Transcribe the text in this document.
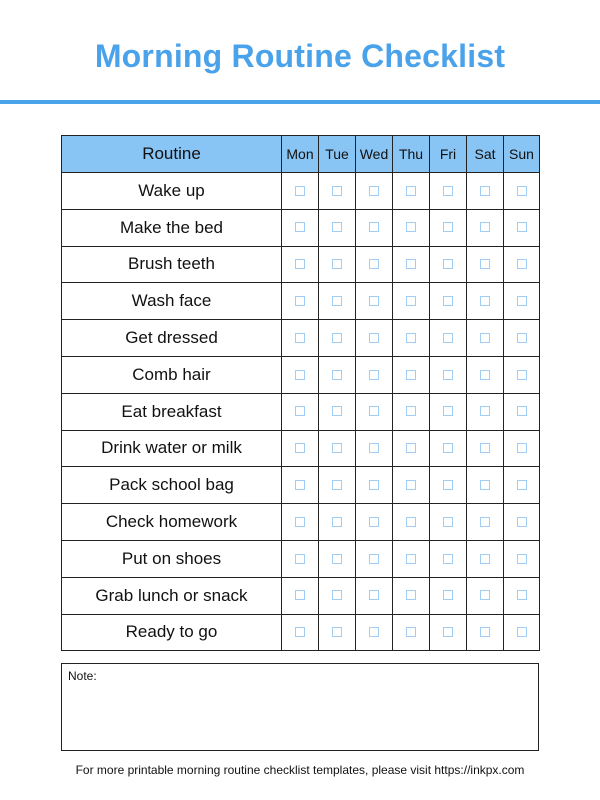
Morning Routine Checklist
Routine	Mon	Tue	Wed	Thu	Fri	Sat	Sun
Wake up							
Make the bed							
Brush teeth							
Wash face							
Get dressed							
Comb hair							
Eat breakfast							
Drink water or milk							
Pack school bag							
Check homework							
Put on shoes							
Grab lunch or snack							
Ready to go							
Note:
For more printable morning routine checklist templates, please visit https://inkpx.com
